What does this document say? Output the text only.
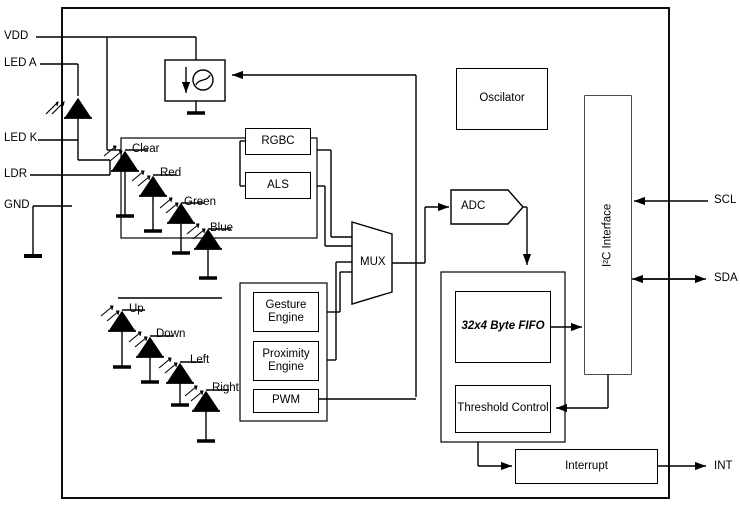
VDD
LED A
LED K
LDR
GND	SCL
SDA
INT
Clear
Red
Green
Blue
Up
Down
Left
Right
Oscilator
RGBC
ALS
MUX
ADC	I²C Interface
Gesture Engine
Proximity Engine
PWM
32x4 Byte FIFO
Threshold Control
Interrupt
